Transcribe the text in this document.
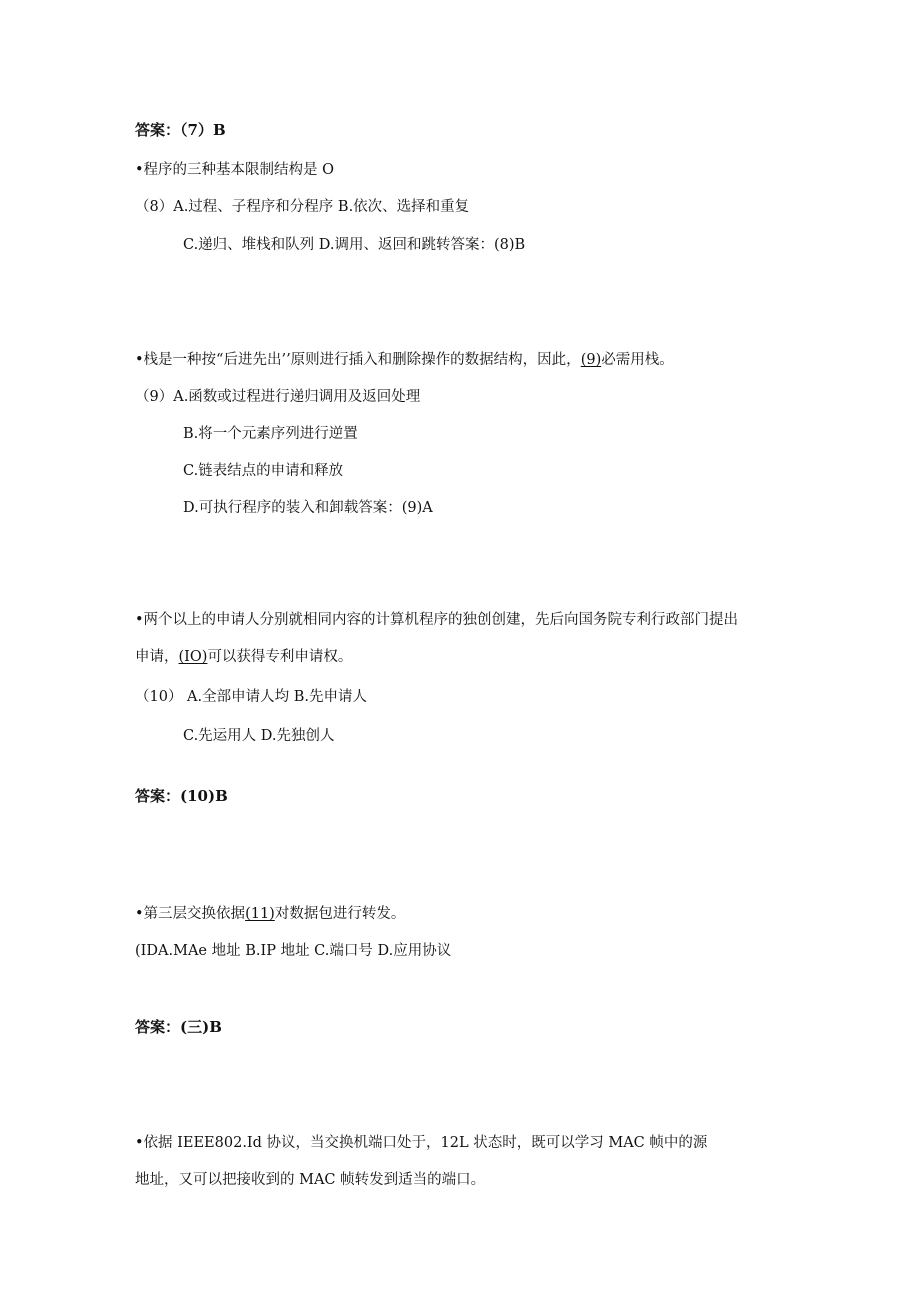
答案：（7）B
•程序的三种基本限制结构是 O
（8）A.过程、子程序和分程序 B.依次、选择和重复
C.递归、堆栈和队列 D.调用、返回和跳转答案：(8)B
•栈是一种按“后进先出’’原则进行插入和删除操作的数据结构，因此，(9)必需用栈。
（9）A.函数或过程进行递归调用及返回处理
B.将一个元素序列进行逆置
C.链表结点的申请和释放
D.可执行程序的装入和卸载答案：(9)A
•两个以上的申请人分别就相同内容的计算机程序的独创创建，先后向国务院专利行政部门提出
申请，(IO)可以获得专利申请权。
（10） A.全部申请人均 B.先申请人
C.先运用人 D.先独创人
答案：(10)B
•第三层交换依据(11)对数据包进行转发。
(IDA.MAe 地址 B.IP 地址 C.端口号 D.应用协议
答案：(三)B
•依据 IEEE802.Id 协议，当交换机端口处于，12L 状态时，既可以学习 MAC 帧中的源
地址，又可以把接收到的 MAC 帧转发到适当的端口。
